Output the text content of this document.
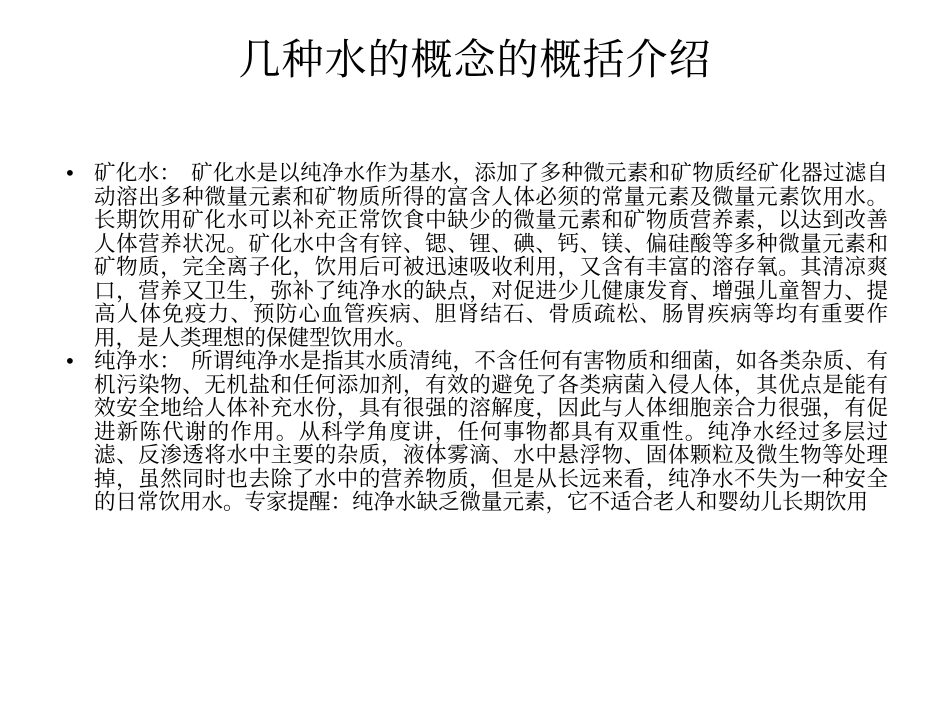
几种水的概念的概括介绍
• 矿化水： 矿化水是以纯净水作为基水，添加了多种微元素和矿物质经矿化器过滤自动溶出多种微量元素和矿物质所得的富含人体必须的常量元素及微量元素饮用水。长期饮用矿化水可以补充正常饮食中缺少的微量元素和矿物质营养素，以达到改善人体营养状况。矿化水中含有锌、锶、锂、碘、钙、镁、偏硅酸等多种微量元素和矿物质，完全离子化，饮用后可被迅速吸收利用，又含有丰富的溶存氧。其清凉爽口，营养又卫生，弥补了纯净水的缺点，对促进少儿健康发育、增强儿童智力、提高人体免疫力、预防心血管疾病、胆肾结石、骨质疏松、肠胃疾病等均有重要作用，是人类理想的保健型饮用水。
• 纯净水： 所谓纯净水是指其水质清纯，不含任何有害物质和细菌，如各类杂质、有机污染物、无机盐和任何添加剂，有效的避免了各类病菌入侵人体，其优点是能有效安全地给人体补充水份，具有很强的溶解度，因此与人体细胞亲合力很强，有促进新陈代谢的作用。从科学角度讲，任何事物都具有双重性。纯净水经过多层过滤、反渗透将水中主要的杂质，液体雾滴、水中悬浮物、固体颗粒及微生物等处理掉，虽然同时也去除了水中的营养物质，但是从长远来看，纯净水不失为一种安全的日常饮用水。专家提醒：纯净水缺乏微量元素，它不适合老人和婴幼儿长期饮用
